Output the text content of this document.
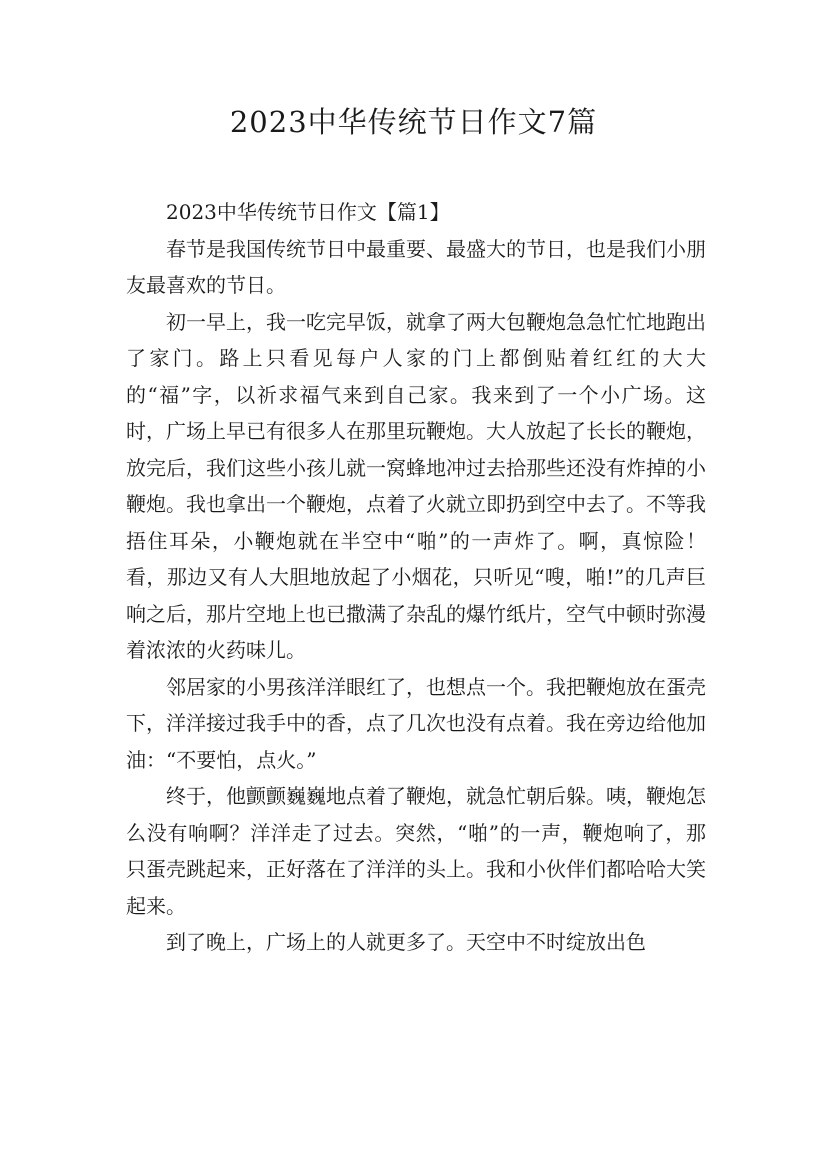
2023中华传统节日作文7篇

2023中华传统节日作文【篇1】

春节是我国传统节日中最重要、最盛大的节日，也是我们小朋友最喜欢的节日。

初一早上，我一吃完早饭，就拿了两大包鞭炮急急忙忙地跑出了家门。路上只看见每户人家的门上都倒贴着红红的大大的“福”字，以祈求福气来到自己家。我来到了一个小广场。这时，广场上早已有很多人在那里玩鞭炮。大人放起了长长的鞭炮，放完后，我们这些小孩儿就一窝蜂地冲过去拾那些还没有炸掉的小鞭炮。我也拿出一个鞭炮，点着了火就立即扔到空中去了。不等我捂住耳朵，小鞭炮就在半空中“啪”的一声炸了。啊，真惊险！看，那边又有人大胆地放起了小烟花，只听见“嗖，啪!”的几声巨响之后，那片空地上也已撒满了杂乱的爆竹纸片，空气中顿时弥漫着浓浓的火药味儿。

邻居家的小男孩洋洋眼红了，也想点一个。我把鞭炮放在蛋壳下，洋洋接过我手中的香，点了几次也没有点着。我在旁边给他加油：“不要怕，点火。”

终于，他颤颤巍巍地点着了鞭炮，就急忙朝后躲。咦，鞭炮怎么没有响啊？洋洋走了过去。突然，“啪”的一声，鞭炮响了，那只蛋壳跳起来，正好落在了洋洋的头上。我和小伙伴们都哈哈大笑起来。

到了晚上，广场上的人就更多了。天空中不时绽放出色
